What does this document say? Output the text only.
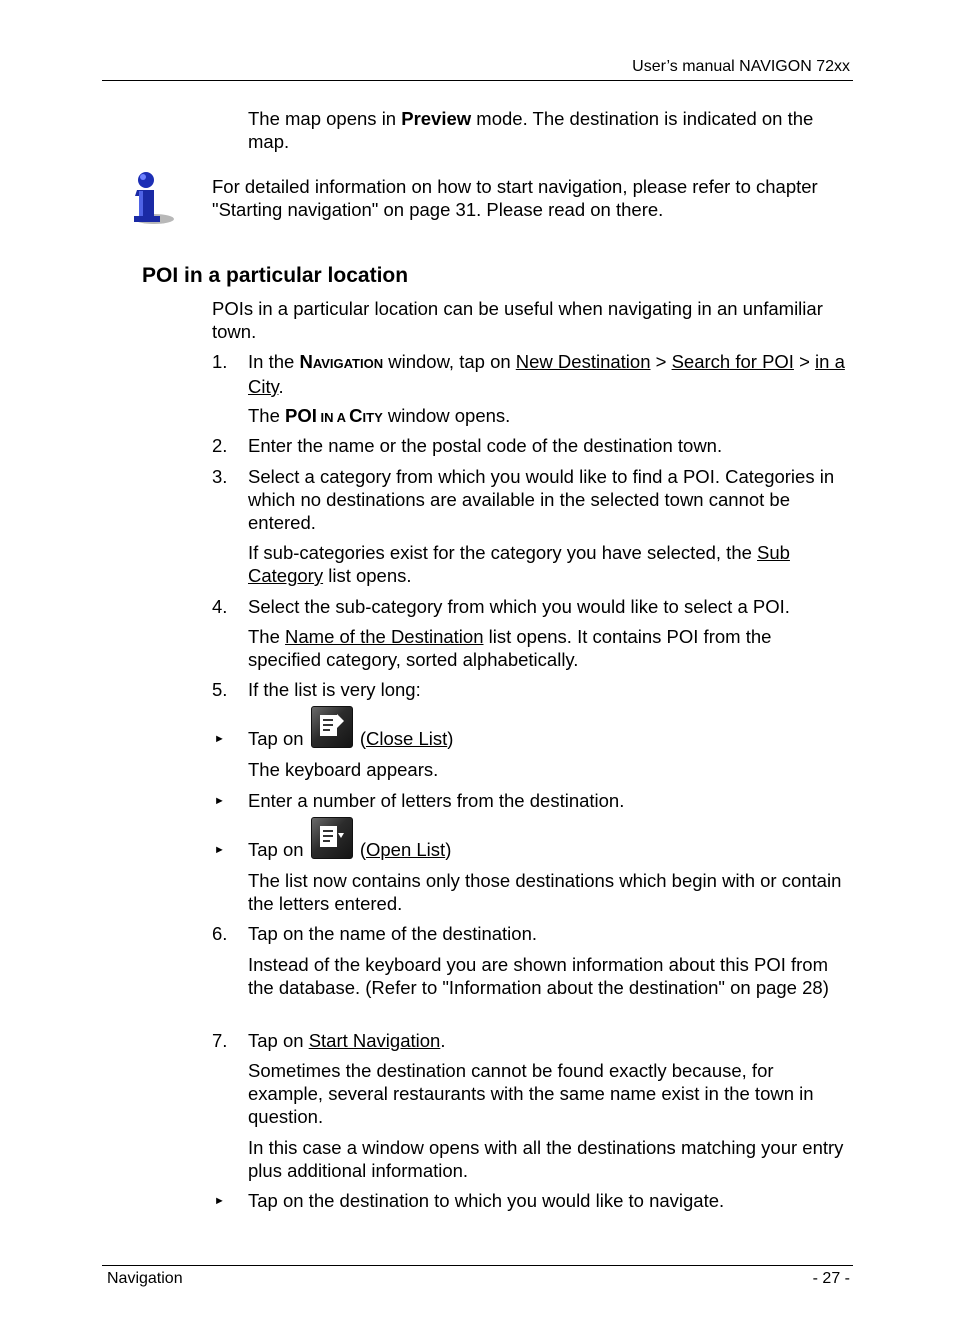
User’s manual NAVIGON 72xx
Navigation	- 27 -
The map opens in Preview mode. The destination is indicated on the map.
For detailed information on how to start navigation, please refer to chapter "Starting navigation" on page 31. Please read on there.
POI in a particular location
POIs in a particular location can be useful when navigating in an unfamiliar town.
1.	In the NAVIGATION window, tap on New Destination > Search for POI > in a City.
The POI IN A CITY window opens.
2.	Enter the name or the postal code of the destination town.
3.	Select a category from which you would like to find a POI. Categories in which no destinations are available in the selected town cannot be entered.
If sub-categories exist for the category you have selected, the Sub Category list opens.
4.	Select the sub-category from which you would like to select a POI.
The Name of the Destination list opens. It contains POI from the specified category, sorted alphabetically.
5.	If the list is very long:
►	Tap on
(Close List)
The keyboard appears.
►	Enter a number of letters from the destination.
►	Tap on
(Open List)
The list now contains only those destinations which begin with or contain the letters entered.
6.	Tap on the name of the destination.
Instead of the keyboard you are shown information about this POI from the database. (Refer to "Information about the destination" on page 28)
7.	Tap on Start Navigation.
Sometimes the destination cannot be found exactly because, for example, several restaurants with the same name exist in the town in question.
In this case a window opens with all the destinations matching your entry plus additional information.
►	Tap on the destination to which you would like to navigate.
